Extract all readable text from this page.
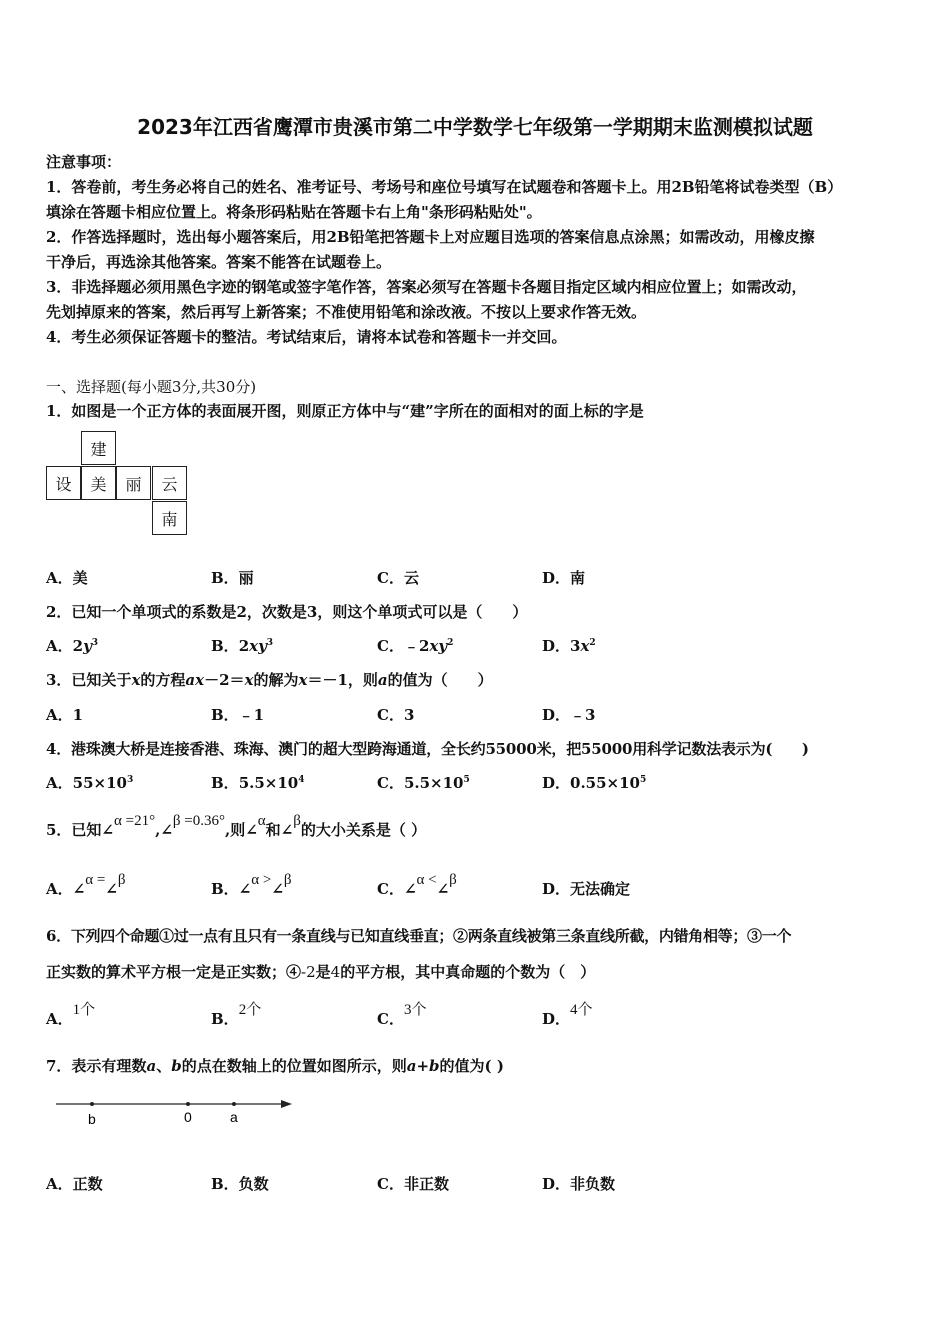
2023年江西省鹰潭市贵溪市第二中学数学七年级第一学期期末监测模拟试题
注意事项：
1．答卷前，考生务必将自己的姓名、准考证号、考场号和座位号填写在试题卷和答题卡上。用2B铅笔将试卷类型（B）
填涂在答题卡相应位置上。将条形码粘贴在答题卡右上角"条形码粘贴处"。
2．作答选择题时，选出每小题答案后，用2B铅笔把答题卡上对应题目选项的答案信息点涂黑；如需改动，用橡皮擦
干净后，再选涂其他答案。答案不能答在试题卷上。
3．非选择题必须用黑色字迹的钢笔或签字笔作答，答案必须写在答题卡各题目指定区域内相应位置上；如需改动，
先划掉原来的答案，然后再写上新答案；不准使用铅笔和涂改液。不按以上要求作答无效。
4．考生必须保证答题卡的整洁。考试结束后，请将本试卷和答题卡一并交回。
一、选择题(每小题3分,共30分)
1．如图是一个正方体的表面展开图，则原正方体中与“建”字所在的面相对的面上标的字是
建
设	美	丽	云
南
A．美	B．丽	C．云	D．南
2．已知一个单项式的系数是2，次数是3，则这个单项式可以是（　　）
A．$2y^3$	B．$2xy^3$	C．$﹣2xy^2$	D．$3x^2$
3．已知关于x的方程ax－2＝x的解为x＝－1，则a的值为（　　）
A．1	B．﹣1	C．3	D．﹣3
4．港珠澳大桥是连接香港、珠海、澳门的超大型跨海通道，全长约55000米，把55000用科学记数法表示为(　　)
A．$55\times 10^3$	B．$5.5\times 10^4$	C．$5.5\times 10^5$	D．$0.55\times 10^5$
5．已知∠α =21°,∠β =0.36°,则∠α和∠β的大小关系是（ ）
A．∠α =∠β	B．∠α >∠β	C．∠α <∠β	D．无法确定
6．下列四个命题①过一点有且只有一条直线与已知直线垂直；②两条直线被第三条直线所截，内错角相等；③一个
正实数的算术平方根一定是正实数；④-2是4的平方根，其中真命题的个数为（　）
A．1个	B．2个	C．3个	D．4个
7．表示有理数a、b的点在数轴上的位置如图所示，则a+b的值为( )
b	0	a
A．正数	B．负数	C．非正数	D．非负数
